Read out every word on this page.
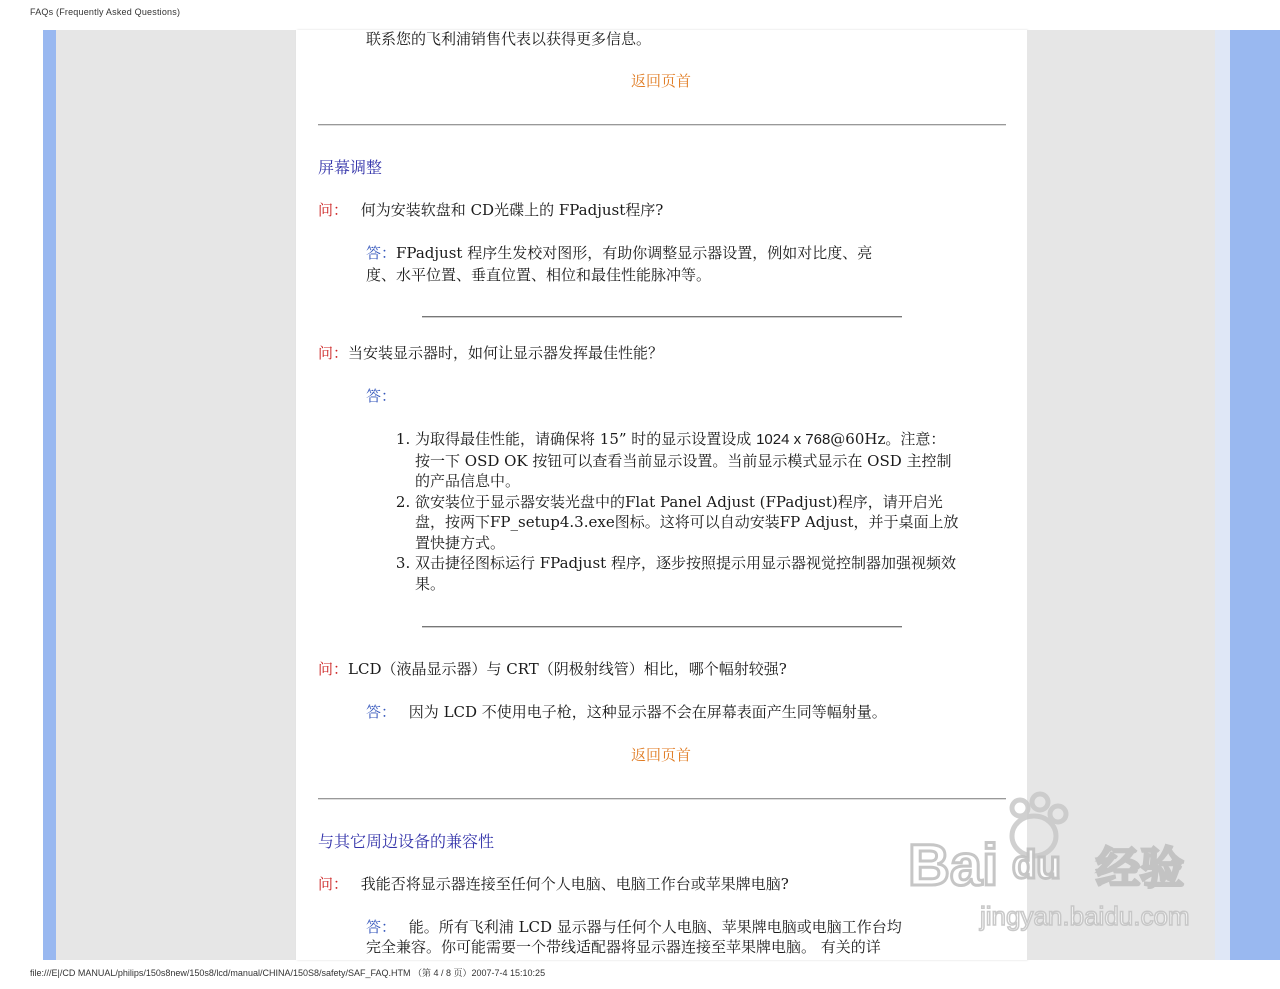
FAQs (Frequently Asked Questions)
联系您的飞利浦销售代表以获得更多信息。
返回页首
屏幕调整
问： 何为安装软盘和 CD光碟上的 FPadjust程序?
答：FPadjust 程序生发校对图形，有助你调整显示器设置，例如对比度、亮
度、水平位置、垂直位置、相位和最佳性能脉冲等。
问：当安装显示器时，如何让显示器发挥最佳性能？
答：
1. 为取得最佳性能，请确保将 15” 时的显示设置设成 1024 x 768@60Hz。注意：按一下 OSD OK 按钮可以查看当前显示设置。当前显示模式显示在 OSD 主控制的产品信息中。
2. 欲安装位于显示器安装光盘中的Flat Panel Adjust (FPadjust)程序，请开启光盘，按两下FP_setup4.3.exe图标。这将可以自动安装FP Adjust，并于桌面上放置快捷方式。
3. 双击捷径图标运行 FPadjust 程序，逐步按照提示用显示器视觉控制器加强视频效果。
问：LCD（液晶显示器）与 CRT（阴极射线管）相比，哪个幅射较强?
答： 因为 LCD 不使用电子枪，这种显示器不会在屏幕表面产生同等幅射量。
返回页首
与其它周边设备的兼容性
问： 我能否将显示器连接至任何个人电脑、电脑工作台或苹果牌电脑?
答： 能。所有飞利浦 LCD 显示器与任何个人电脑、苹果牌电脑或电脑工作台均
完全兼容。你可能需要一个带线适配器将显示器连接至苹果牌电脑。 有关的详
Bai du 经验
jingyan.baidu.com
file:///E|/CD MANUAL/philips/150s8new/150s8/lcd/manual/CHINA/150S8/safety/SAF_FAQ.HTM （第 4 / 8 页）2007-7-4 15:10:25
